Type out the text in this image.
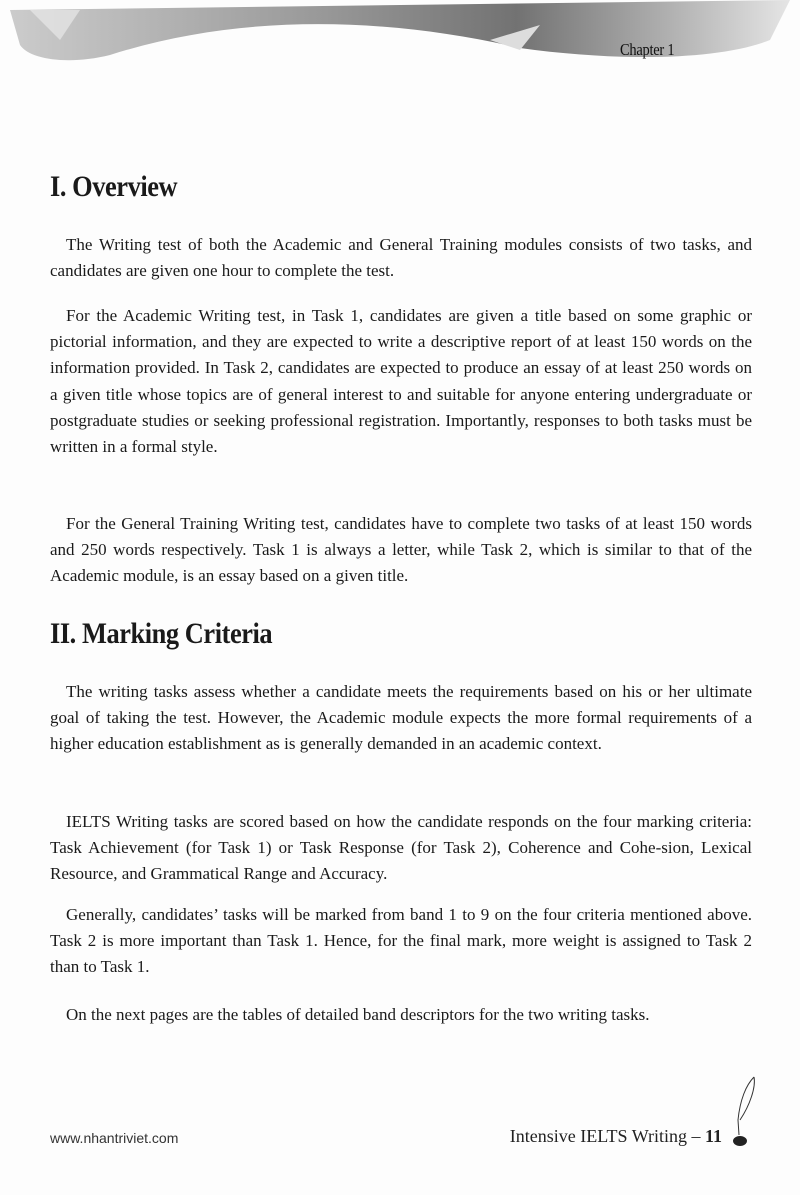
Chapter 1
I. Overview

The Writing test of both the Academic and General Training modules consists of two tasks, and candidates are given one hour to complete the test.

For the Academic Writing test, in Task 1, candidates are given a title based on some graphic or pictorial information, and they are expected to write a descriptive report of at least 150 words on the information provided. In Task 2, candidates are expected to produce an essay of at least 250 words on a given title whose topics are of general interest to and suitable for anyone entering undergraduate or postgraduate studies or seeking professional registration. Importantly, responses to both tasks must be written in a formal style.

For the General Training Writing test, candidates have to complete two tasks of at least 150 words and 250 words respectively. Task 1 is always a letter, while Task 2, which is similar to that of the Academic module, is an essay based on a given title.

II. Marking Criteria

The writing tasks assess whether a candidate meets the requirements based on his or her ultimate goal of taking the test. However, the Academic module expects the more formal requirements of a higher education establishment as is generally demanded in an academic context.

IELTS Writing tasks are scored based on how the candidate responds on the four marking criteria: Task Achievement (for Task 1) or Task Response (for Task 2), Coherence and Cohe-sion, Lexical Resource, and Grammatical Range and Accuracy.

Generally, candidates’ tasks will be marked from band 1 to 9 on the four criteria mentioned above. Task 2 is more important than Task 1. Hence, for the final mark, more weight is assigned to Task 2 than to Task 1.

On the next pages are the tables of detailed band descriptors for the two writing tasks.

www.nhantriviet.com	Intensive IELTS Writing – 11
